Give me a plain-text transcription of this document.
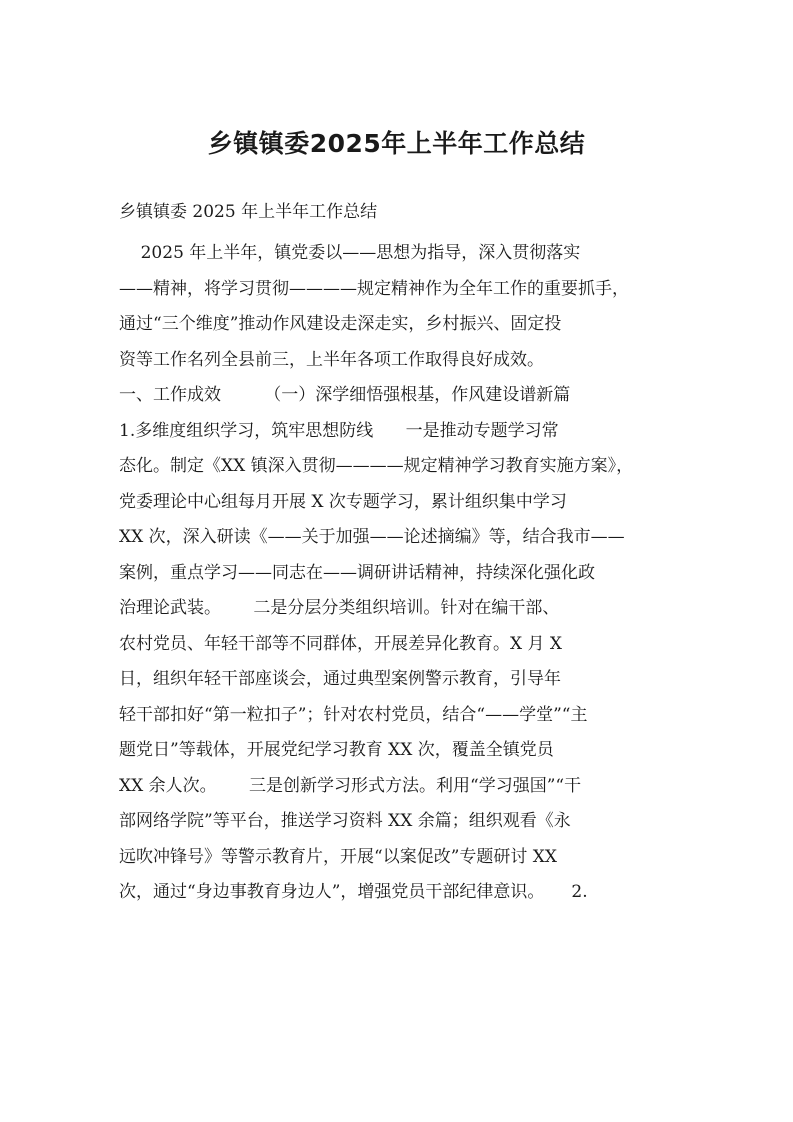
乡镇镇委2025年上半年工作总结
乡镇镇委 2025 年上半年工作总结
2025 年上半年，镇党委以——思想为指导，深入贯彻落实
——精神，将学习贯彻————规定精神作为全年工作的重要抓手，
通过“三个维度”推动作风建设走深走实，乡村振兴、固定投
资等工作名列全县前三，上半年各项工作取得良好成效。
一、工作成效        （一）深学细悟强根基，作风建设谱新篇
1.多维度组织学习，筑牢思想防线      一是推动专题学习常
态化。制定《XX 镇深入贯彻————规定精神学习教育实施方案》，
党委理论中心组每月开展 X 次专题学习，累计组织集中学习
XX 次，深入研读《——关于加强——论述摘编》等，结合我市——
案例，重点学习——同志在——调研讲话精神，持续深化强化政
治理论武装。      二是分层分类组织培训。针对在编干部、
农村党员、年轻干部等不同群体，开展差异化教育。X 月 X
日，组织年轻干部座谈会，通过典型案例警示教育，引导年
轻干部扣好“第一粒扣子”；针对农村党员，结合“——学堂”“主
题党日”等载体，开展党纪学习教育 XX 次，覆盖全镇党员
XX 余人次。      三是创新学习形式方法。利用“学习强国”“干
部网络学院”等平台，推送学习资料 XX 余篇；组织观看《永
远吹冲锋号》等警示教育片，开展“以案促改”专题研讨 XX
次，通过“身边事教育身边人”，增强党员干部纪律意识。     2.
